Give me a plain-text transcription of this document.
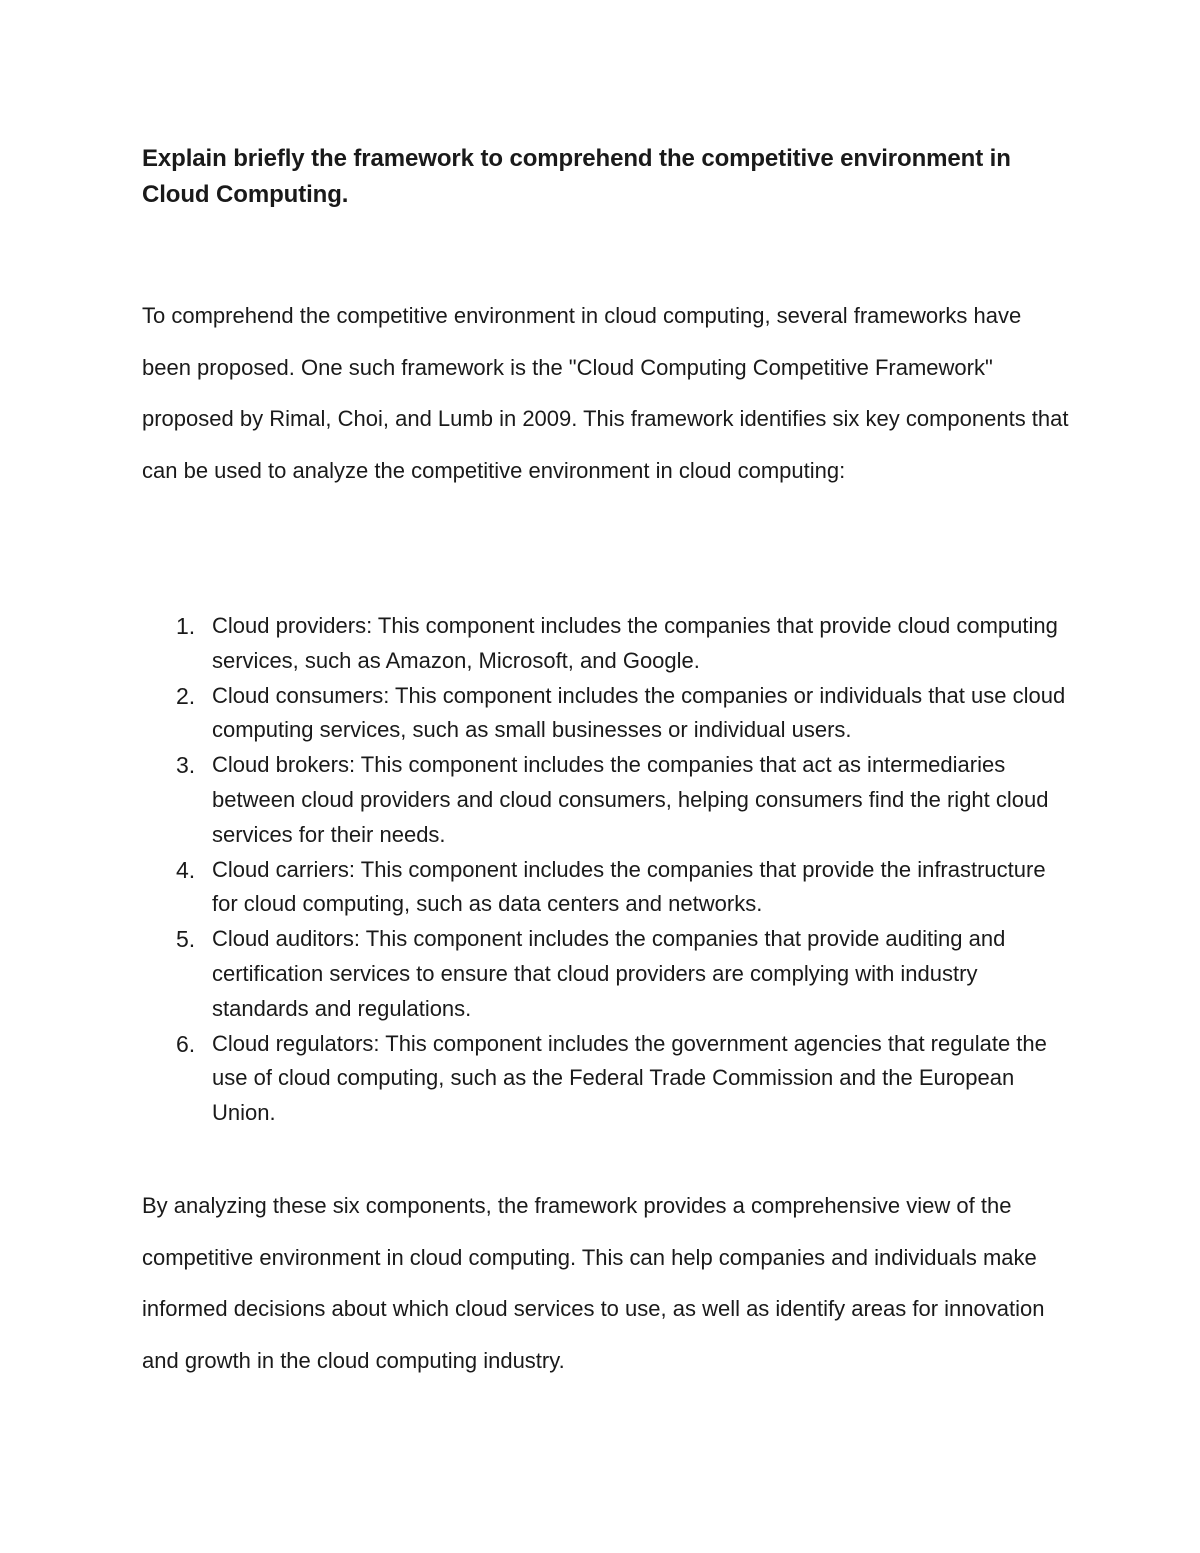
Explain briefly the framework to comprehend the competitive environment in Cloud Computing.

To comprehend the competitive environment in cloud computing, several frameworks have been proposed. One such framework is the "Cloud Computing Competitive Framework" proposed by Rimal, Choi, and Lumb in 2009. This framework identifies six key components that can be used to analyze the competitive environment in cloud computing:

1. Cloud providers: This component includes the companies that provide cloud computing services, such as Amazon, Microsoft, and Google.
2. Cloud consumers: This component includes the companies or individuals that use cloud computing services, such as small businesses or individual users.
3. Cloud brokers: This component includes the companies that act as intermediaries between cloud providers and cloud consumers, helping consumers find the right cloud services for their needs.
4. Cloud carriers: This component includes the companies that provide the infrastructure for cloud computing, such as data centers and networks.
5. Cloud auditors: This component includes the companies that provide auditing and certification services to ensure that cloud providers are complying with industry standards and regulations.
6. Cloud regulators: This component includes the government agencies that regulate the use of cloud computing, such as the Federal Trade Commission and the European Union.

By analyzing these six components, the framework provides a comprehensive view of the competitive environment in cloud computing. This can help companies and individuals make informed decisions about which cloud services to use, as well as identify areas for innovation and growth in the cloud computing industry.
